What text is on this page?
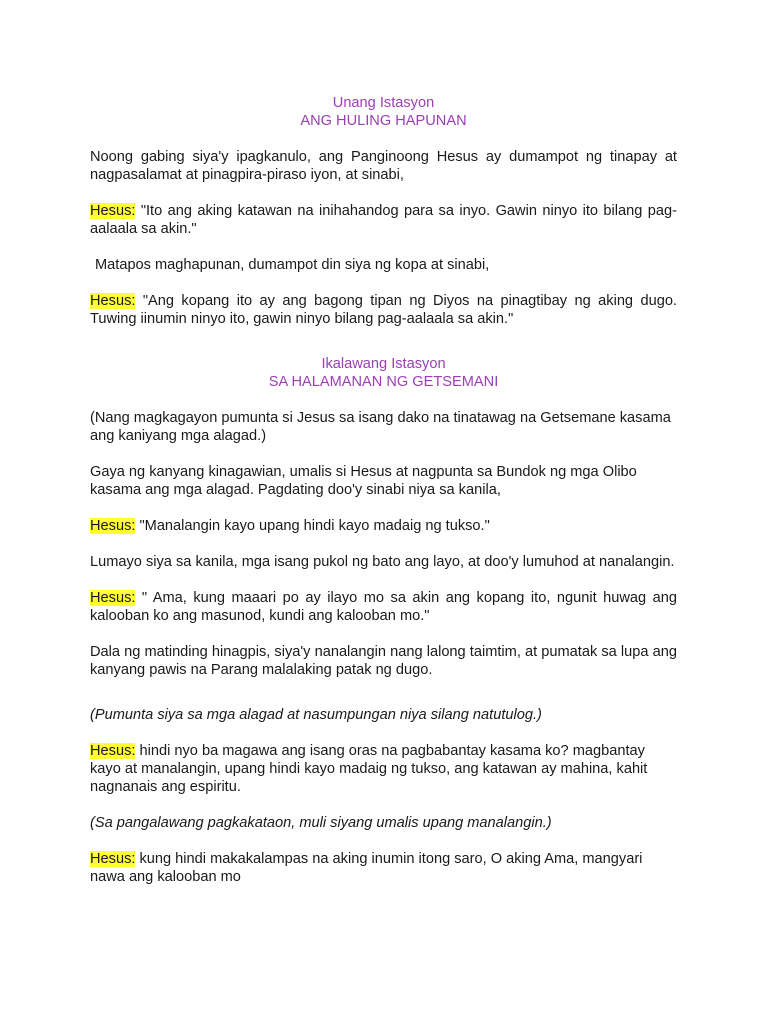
Unang Istasyon
ANG HULING HAPUNAN

Noong gabing siya'y ipagkanulo, ang Panginoong Hesus ay dumampot ng tinapay at nagpasalamat at pinagpira-piraso iyon, at sinabi,

Hesus: "Ito ang aking katawan na inihahandog para sa inyo. Gawin ninyo ito bilang pag-aalaala sa akin."

Matapos maghapunan, dumampot din siya ng kopa at sinabi,

Hesus: "Ang kopang ito ay ang bagong tipan ng Diyos na pinagtibay ng aking dugo. Tuwing iinumin ninyo ito, gawin ninyo bilang pag-aalaala sa akin."

Ikalawang Istasyon
SA HALAMANAN NG GETSEMANI

(Nang magkagayon pumunta si Jesus sa isang dako na tinatawag na Getsemane kasama ang kaniyang mga alagad.)

Gaya ng kanyang kinagawian, umalis si Hesus at nagpunta sa Bundok ng mga Olibo kasama ang mga alagad. Pagdating doo'y sinabi niya sa kanila,

Hesus: "Manalangin kayo upang hindi kayo madaig ng tukso."

Lumayo siya sa kanila, mga isang pukol ng bato ang layo, at doo'y lumuhod at nanalangin.

Hesus: " Ama, kung maaari po ay ilayo mo sa akin ang kopang ito, ngunit huwag ang kalooban ko ang masunod, kundi ang kalooban mo."

Dala ng matinding hinagpis, siya'y nanalangin nang lalong taimtim, at pumatak sa lupa ang kanyang pawis na Parang malalaking patak ng dugo.

(Pumunta siya sa mga alagad at nasumpungan niya silang natutulog.)

Hesus: hindi nyo ba magawa ang isang oras na pagbabantay kasama ko? magbantay kayo at manalangin, upang hindi kayo madaig ng tukso, ang katawan ay mahina, kahit nagnanais ang espiritu.

(Sa pangalawang pagkakataon, muli siyang umalis upang manalangin.)

Hesus: kung hindi makakalampas na aking inumin itong saro, O aking Ama, mangyari nawa ang kalooban mo
